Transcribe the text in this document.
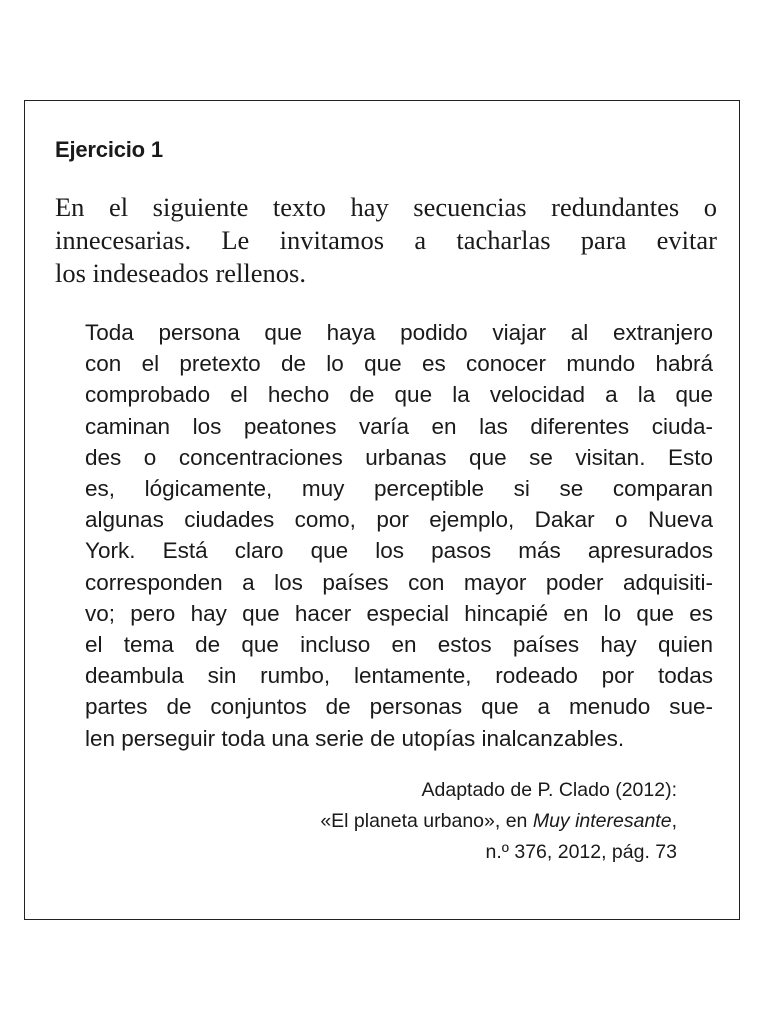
Ejercicio 1
En el siguiente texto hay secuencias redundantes o
innecesarias. Le invitamos a tacharlas para evitar
los indeseados rellenos.
Toda persona que haya podido viajar al extranjero
con el pretexto de lo que es conocer mundo habrá
comprobado el hecho de que la velocidad a la que
caminan los peatones varía en las diferentes ciuda-
des o concentraciones urbanas que se visitan. Esto
es, lógicamente, muy perceptible si se comparan
algunas ciudades como, por ejemplo, Dakar o Nueva
York. Está claro que los pasos más apresurados
corresponden a los países con mayor poder adquisiti-
vo; pero hay que hacer especial hincapié en lo que es
el tema de que incluso en estos países hay quien
deambula sin rumbo, lentamente, rodeado por todas
partes de conjuntos de personas que a menudo sue-
len perseguir toda una serie de utopías inalcanzables.
Adaptado de P. Clado (2012):
«El planeta urbano», en Muy interesante,
n.º 376, 2012, pág. 73
